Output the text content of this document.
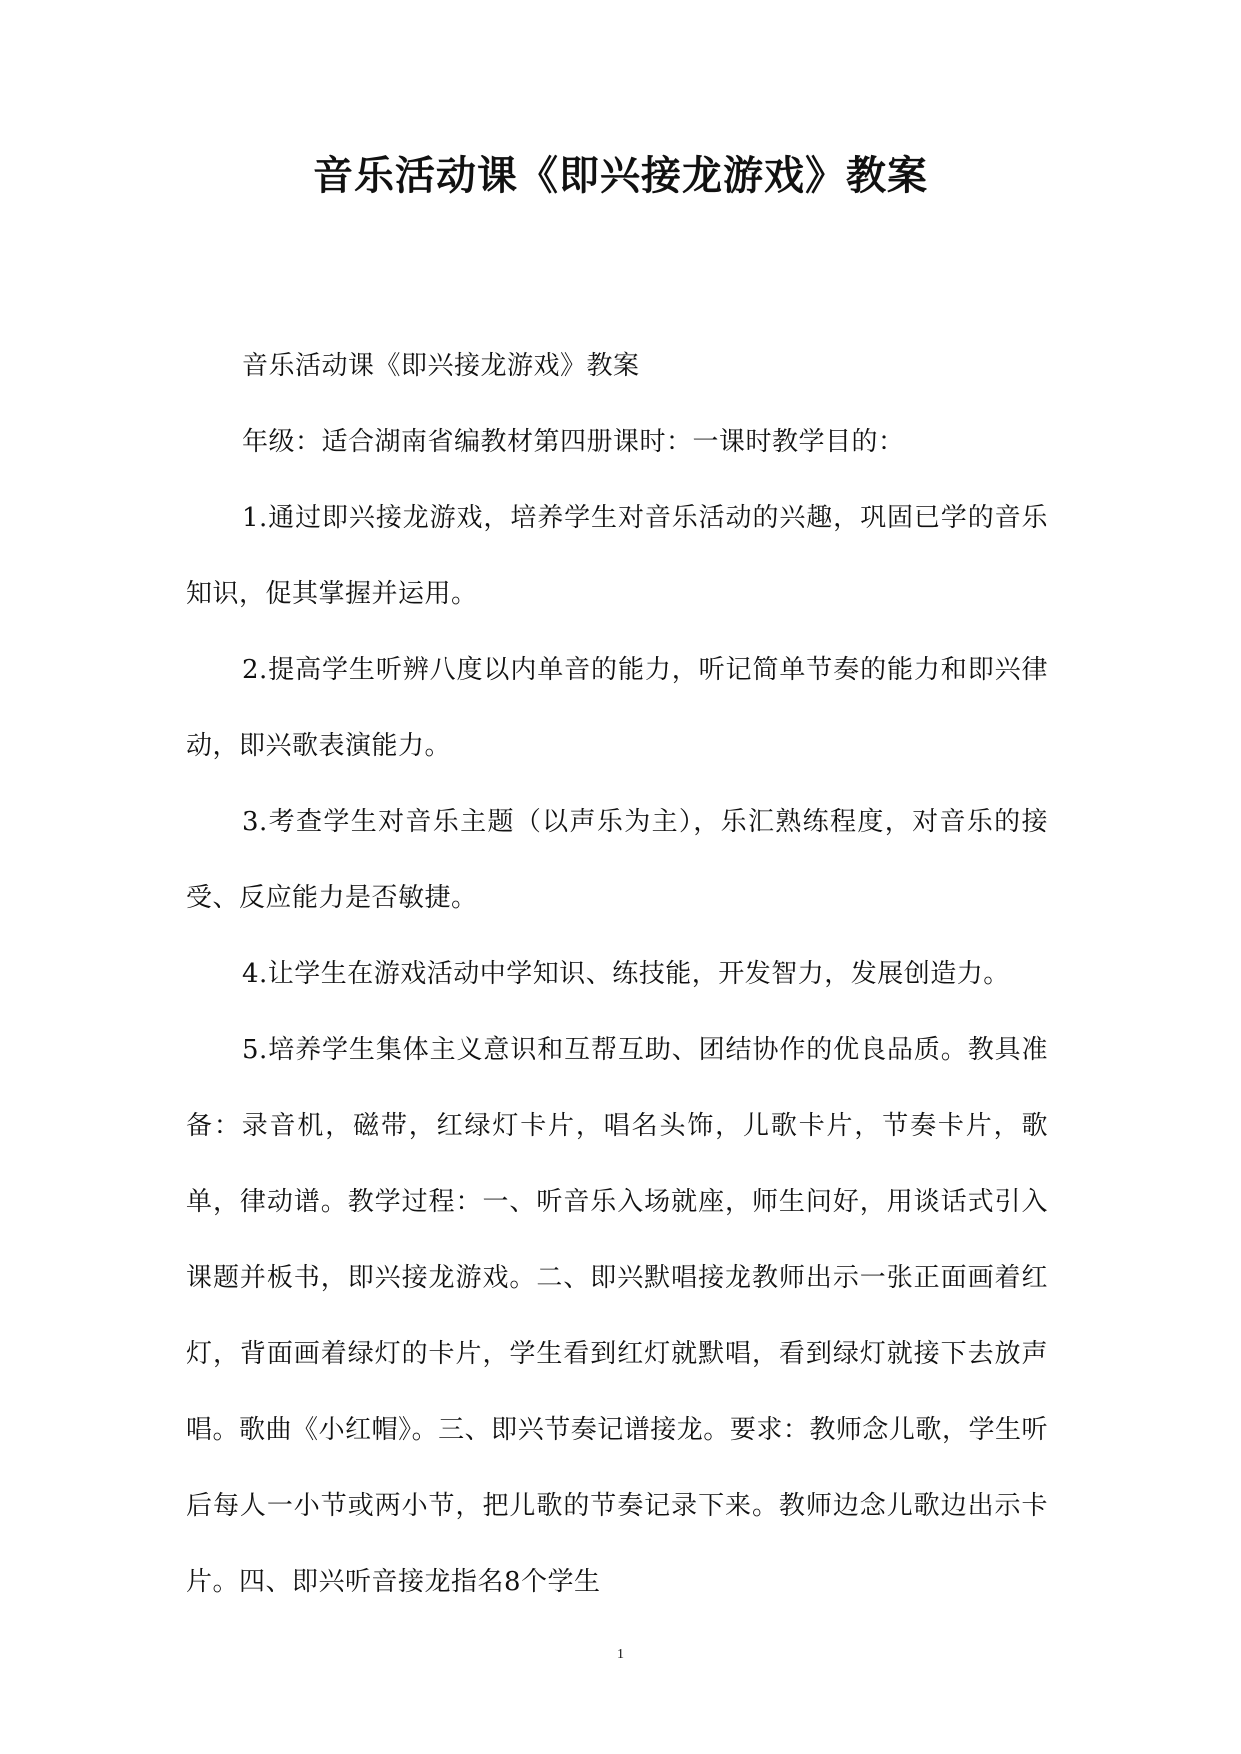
音乐活动课《即兴接龙游戏》教案

音乐活动课《即兴接龙游戏》教案

年级：适合湖南省编教材第四册课时：一课时教学目的：

1.通过即兴接龙游戏，培养学生对音乐活动的兴趣，巩固已学的音乐知识，促其掌握并运用。

2.提高学生听辨八度以内单音的能力，听记简单节奏的能力和即兴律动，即兴歌表演能力。

3.考查学生对音乐主题（以声乐为主），乐汇熟练程度，对音乐的接受、反应能力是否敏捷。

4.让学生在游戏活动中学知识、练技能，开发智力，发展创造力。

5.培养学生集体主义意识和互帮互助、团结协作的优良品质。教具准备：录音机，磁带，红绿灯卡片，唱名头饰，儿歌卡片，节奏卡片，歌单，律动谱。教学过程：一、听音乐入场就座，师生问好，用谈话式引入课题并板书，即兴接龙游戏。二、即兴默唱接龙教师出示一张正面画着红灯，背面画着绿灯的卡片，学生看到红灯就默唱，看到绿灯就接下去放声唱。歌曲《小红帽》。三、即兴节奏记谱接龙。要求：教师念儿歌，学生听后每人一小节或两小节，把儿歌的节奏记录下来。教师边念儿歌边出示卡片。四、即兴听音接龙指名8个学生

1
